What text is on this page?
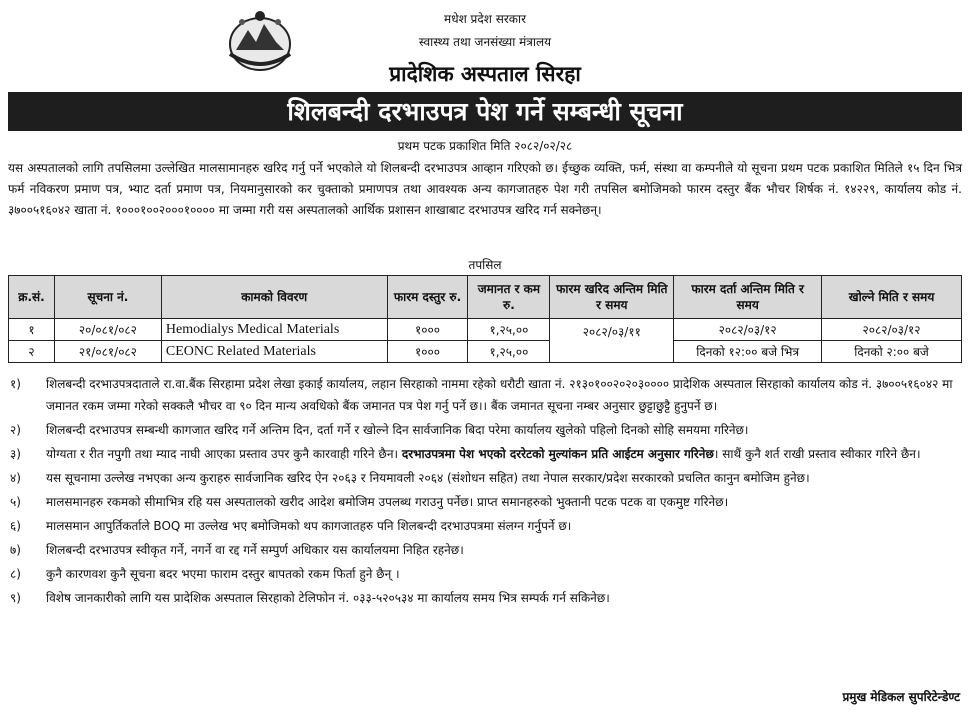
मधेश प्रदेश सरकार
स्वास्थ्य तथा जनसंख्या मंत्रालय
प्रादेशिक अस्पताल सिरहा
शिलबन्दी दरभाउपत्र पेश गर्ने सम्बन्धी सूचना
प्रथम पटक प्रकाशित मिति २०८२/०२/२८
यस अस्पतालको लागि तपसिलमा उल्लेखित मालसामानहरु खरिद गर्नु पर्ने भएकोले यो शिलबन्दी दरभाउपत्र आव्हान गरिएको छ। ईच्छुक व्यक्ति, फर्म, संस्था वा कम्पनीले यो सूचना प्रथम पटक प्रकाशित मितिले १५ दिन भित्र फर्म नविकरण प्रमाण पत्र, भ्याट दर्ता प्रमाण पत्र, नियमानुसारको कर चुक्ताको प्रमाणपत्र तथा आवश्यक अन्य कागजातहरु पेश गरी तपसिल बमोजिमको फारम दस्तुर बैंक भौचर शिर्षक नं. १४२२९, कार्यालय कोड नं. ३७००५१६०४२ खाता नं. १०००१००२०००१०००० मा जम्मा गरी यस अस्पतालको आर्थिक प्रशासन शाखाबाट दरभाउपत्र खरिद गर्न सक्नेछन्।
तपसिल
क्र.सं.	सूचना नं.	कामको विवरण	फारम दस्तुर रु.	जमानत र कम रु.	फारम खरिद अन्तिम मिति र समय	फारम दर्ता अन्तिम मिति र समय	खोल्ने मिति र समय
१	२०/०८१/०८२	Hemodialys Medical Materials	१०००	१,२५,००	२०८२/०३/११	२०८२/०३/१२	२०८२/०३/१२
२	२१/०८१/०८२	CEONC Related Materials	१०००	१,२५,००		दिनको १२:०० बजे भित्र	दिनको २:०० बजे
१) शिलबन्दी दरभाउपत्रदाताले रा.वा.बैंक सिरहामा प्रदेश लेखा इकाई कार्यालय, लहान सिरहाको नाममा रहेको धरौटी खाता नं. २१३०१००२०२०३०००० प्रादेशिक अस्पताल सिरहाको कार्यालय कोड नं. ३७००५१६०४२ मा जमानत रकम जम्मा गरेको सक्कलै भौचर वा ९० दिन मान्य अवधिको बैंक जमानत पत्र पेश गर्नु पर्ने छ।। बैंक जमानत सूचना नम्बर अनुसार छुट्टाछुट्टै हुनुपर्ने छ।
२) शिलबन्दी दरभाउपत्र सम्बन्धी कागजात खरिद गर्ने अन्तिम दिन, दर्ता गर्ने र खोल्ने दिन सार्वजानिक बिदा परेमा कार्यालय खुलेको पहिलो दिनको सोहि समयमा गरिनेछ।
३) योग्यता र रीत नपुगी तथा म्याद नाघी आएका प्रस्ताव उपर कुनै कारवाही गरिने छैन। दरभाउपत्रमा पेश भएको दररेटको मुल्यांकन प्रति आईटम अनुसार गरिनेछ। साथैं कुनै शर्त राखी प्रस्ताव स्वीकार गरिने छैन।
४) यस सूचनामा उल्लेख नभएका अन्य कुराहरु सार्वजानिक खरिद ऐन २०६३ र नियमावली २०६४ (संशोधन सहित) तथा नेपाल सरकार/प्रदेश सरकारको प्रचलित कानुन बमोजिम हुनेछ।
५) मालसमानहरु रकमको सीमाभित्र रहि यस अस्पतालको खरीद आदेश बमोजिम उपलब्ध गराउनु पर्नेछ। प्राप्त समानहरुको भुक्तानी पटक पटक वा एकमुष्ट गरिनेछ।
६) मालसमान आपुर्तिकर्ताले BOQ मा उल्लेख भए बमोजिमको थप कागजातहरु पनि शिलबन्दी दरभाउपत्रमा संलग्न गर्नुपर्ने छ।
७) शिलबन्दी दरभाउपत्र स्वीकृत गर्ने, नगर्ने वा रद्द गर्ने सम्पुर्ण अधिकार यस कार्यालयमा निहित रहनेछ।
८) कुनै कारणवश कुनै सूचना बदर भएमा फाराम दस्तुर बापतको रकम फिर्ता हुने छैन् ।
९) विशेष जानकारीको लागि यस प्रादेशिक अस्पताल सिरहाको टेलिफोन नं. ०३३-५२०५३४ मा कार्यालय समय भित्र सम्पर्क गर्न सकिनेछ।
प्रमुख मेडिकल सुपरिटेन्डेण्ट
